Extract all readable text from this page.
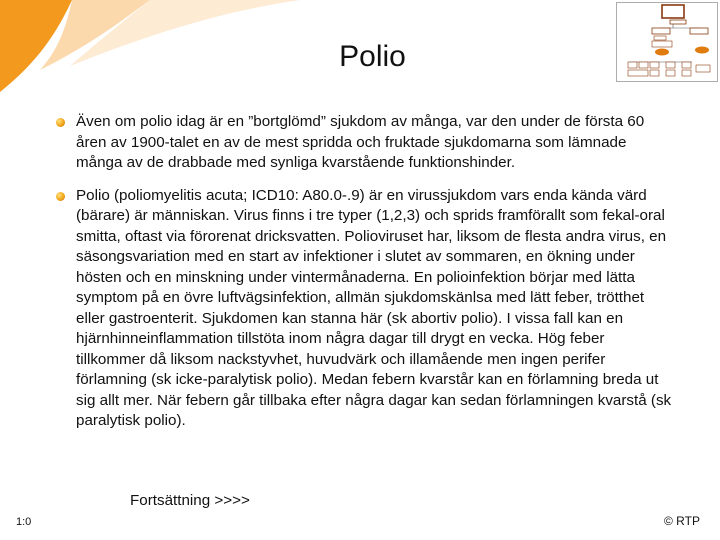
Polio
Även om polio idag är en ”bortglömd” sjukdom av många, var den under de första 60 åren av 1900-talet en av de mest spridda och fruktade sjukdomarna som lämnade många av de drabbade med synliga kvarstående funktionshinder.
Polio (poliomyelitis acuta; ICD10: A80.0-.9) är en virussjukdom vars enda kända värd (bärare) är människan. Virus finns i tre typer (1,2,3) och sprids framförallt som fekal-oral smitta, oftast via förorenat dricksvatten. Polioviruset har, liksom de flesta andra virus, en säsongsvariation med en start av infektioner i slutet av sommaren, en ökning under hösten och en minskning under vintermånaderna. En polioinfektion börjar med lätta symptom på en övre luftvägsinfektion, allmän sjukdomskänlsa med lätt feber, trötthet eller gastroenterit. Sjukdomen kan stanna här (sk abortiv polio). I vissa fall kan en hjärnhinneinflammation tillstöta inom några dagar till drygt en vecka. Hög feber tillkommer då liksom nackstyvhet, huvudvärk och illamående men ingen perifer förlamning (sk icke-paralytisk polio). Medan febern kvarstår kan en förlamning breda ut sig allt mer. När febern går tillbaka efter några dagar kan sedan förlamningen kvarstå (sk paralytisk polio).
Fortsättning >>>>
1:0	© RTP
